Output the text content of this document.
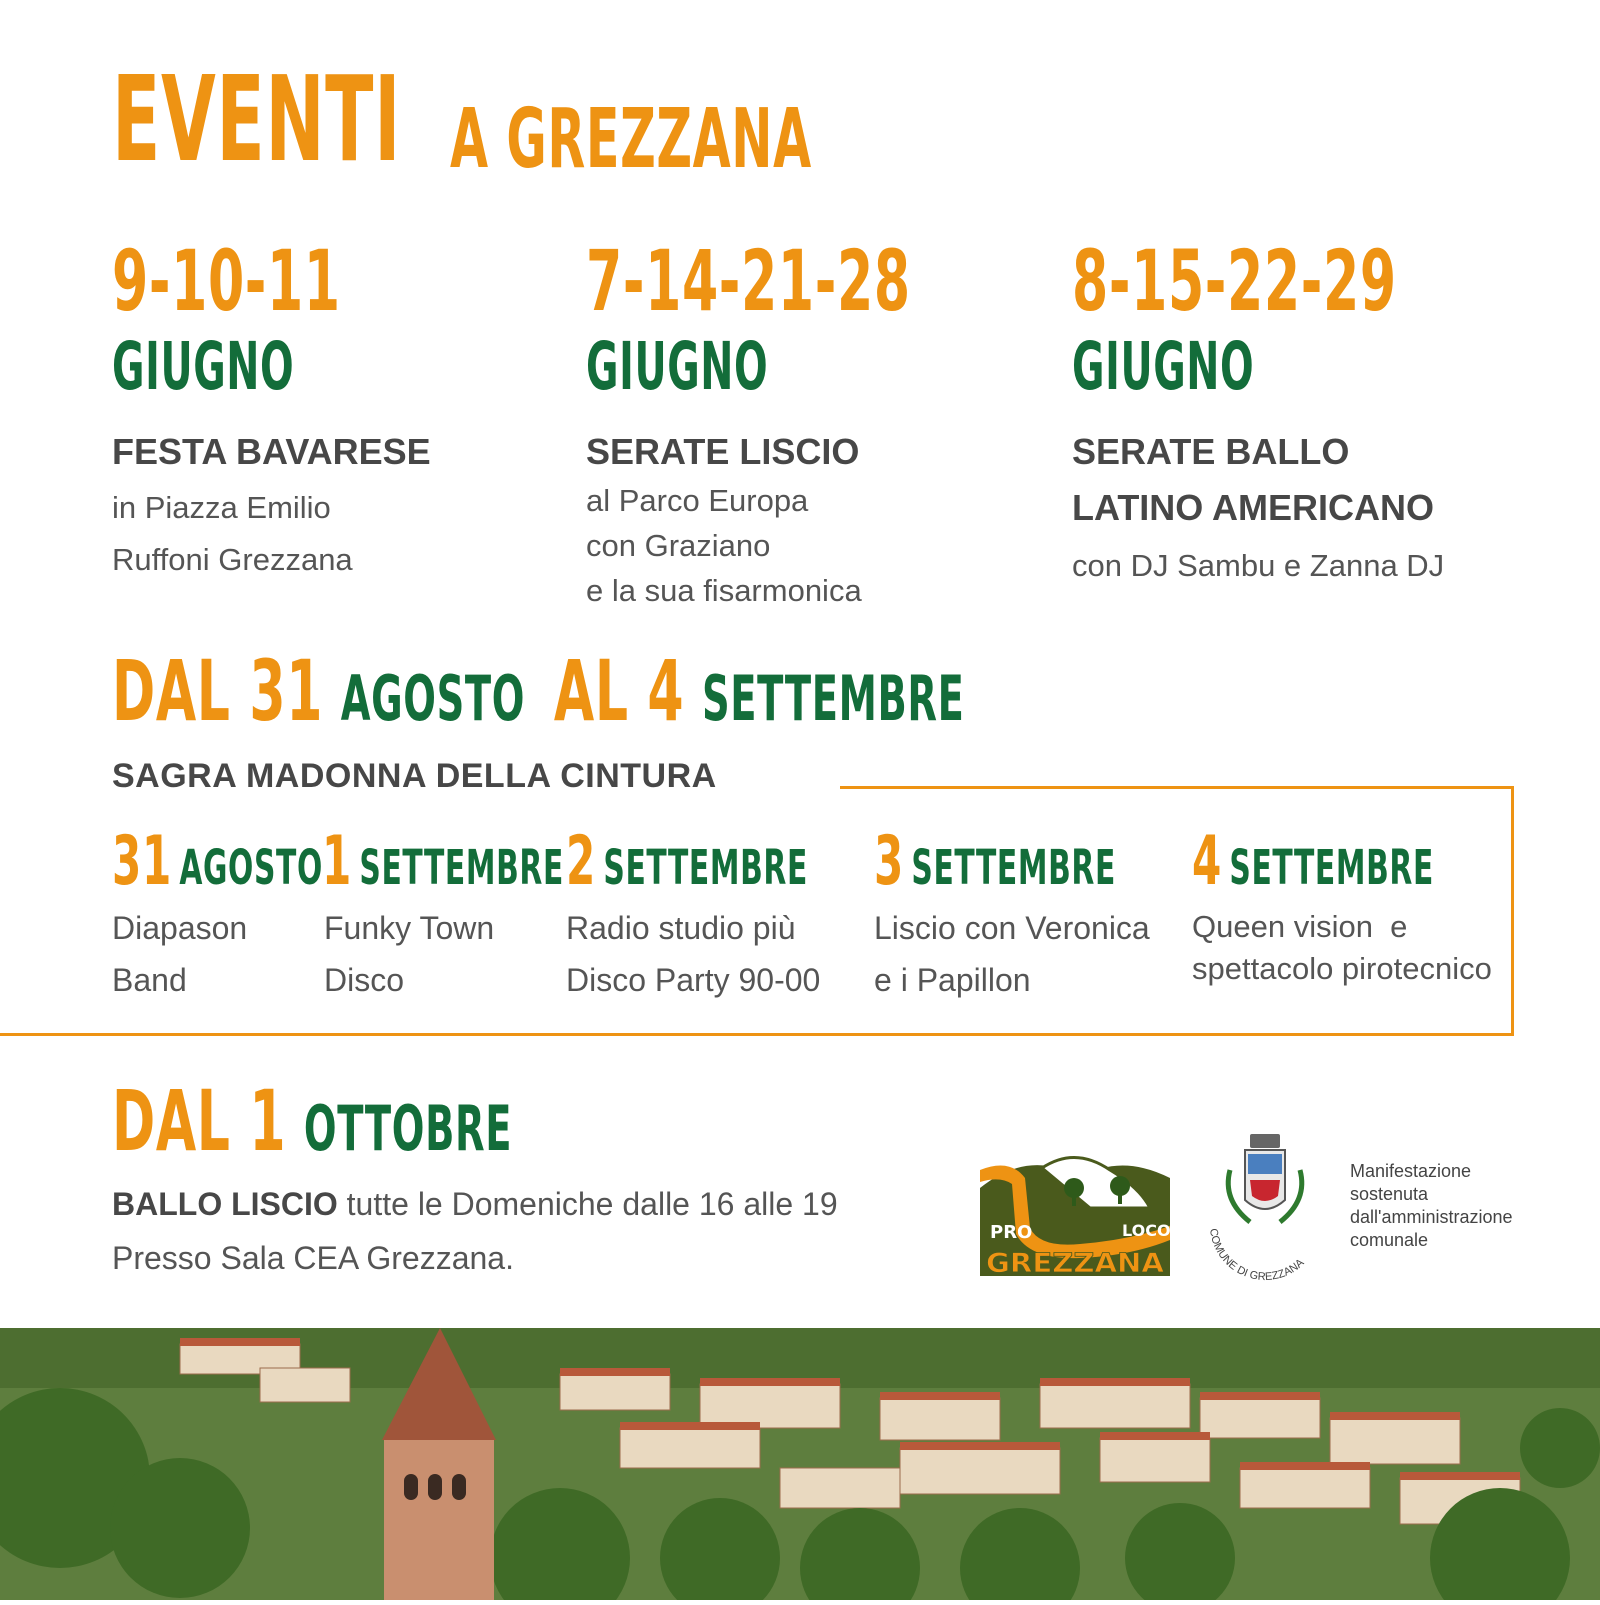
EVENTI A GREZZANA
9-10-11
GIUGNO
FESTA BAVARESE
in Piazza Emilio
Ruffoni Grezzana
7-14-21-28
GIUGNO
SERATE LISCIO
al Parco Europa
con Graziano
e la sua fisarmonica
8-15-22-29
GIUGNO
SERATE BALLO
LATINO AMERICANO
con DJ Sambu e Zanna DJ
DAL 31 AGOSTO AL 4 SETTEMBRE
SAGRA MADONNA DELLA CINTURA
31 AGOSTO
Diapason
Band
1 SETTEMBRE
Funky Town
Disco
2 SETTEMBRE
Radio studio più
Disco Party 90-00
3 SETTEMBRE
Liscio con Veronica
e i Papillon
4 SETTEMBRE
Queen vision  e
spettacolo pirotecnico
DAL 1 OTTOBRE
BALLO LISCIO tutte le Domeniche dalle 16 alle 19
Presso Sala CEA Grezzana.
PRO	LOCO
GREZZANA
COMUNE DI GREZZANA
Manifestazione
sostenuta
dall'amministrazione
comunale
